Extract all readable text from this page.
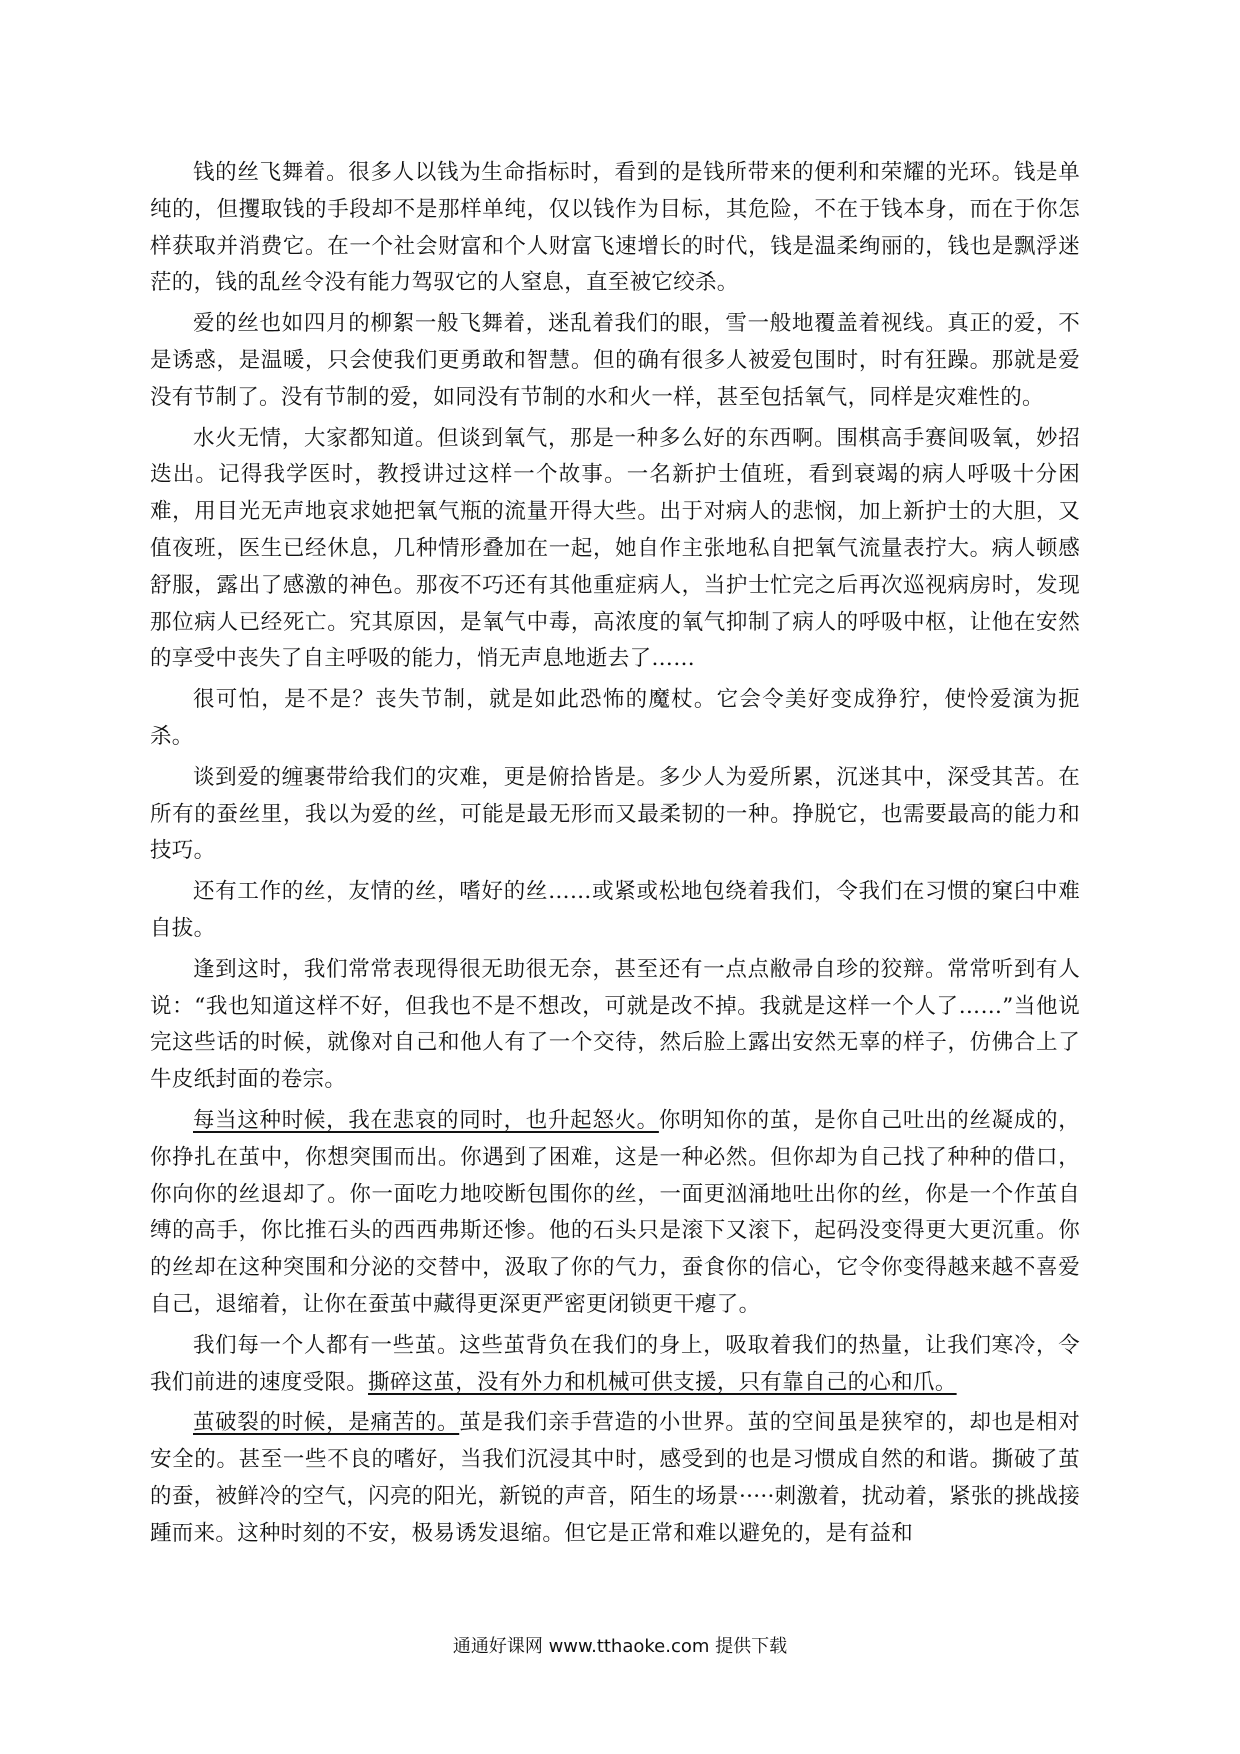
钱的丝飞舞着。很多人以钱为生命指标时，看到的是钱所带来的便利和荣耀的光环。钱是单纯的，但攫取钱的手段却不是那样单纯，仅以钱作为目标，其危险，不在于钱本身，而在于你怎样获取并消费它。在一个社会财富和个人财富飞速增长的时代，钱是温柔绚丽的，钱也是飘浮迷茫的，钱的乱丝令没有能力驾驭它的人窒息，直至被它绞杀。

爱的丝也如四月的柳絮一般飞舞着，迷乱着我们的眼，雪一般地覆盖着视线。真正的爱，不是诱惑，是温暖，只会使我们更勇敢和智慧。但的确有很多人被爱包围时，时有狂躁。那就是爱没有节制了。没有节制的爱，如同没有节制的水和火一样，甚至包括氧气，同样是灾难性的。

水火无情，大家都知道。但谈到氧气，那是一种多么好的东西啊。围棋高手赛间吸氧，妙招迭出。记得我学医时，教授讲过这样一个故事。一名新护士值班，看到衰竭的病人呼吸十分困难，用目光无声地哀求她把氧气瓶的流量开得大些。出于对病人的悲悯，加上新护士的大胆，又值夜班，医生已经休息，几种情形叠加在一起，她自作主张地私自把氧气流量表拧大。病人顿感舒服，露出了感激的神色。那夜不巧还有其他重症病人，当护士忙完之后再次巡视病房时，发现那位病人已经死亡。究其原因，是氧气中毒，高浓度的氧气抑制了病人的呼吸中枢，让他在安然的享受中丧失了自主呼吸的能力，悄无声息地逝去了……

很可怕，是不是？丧失节制，就是如此恐怖的魔杖。它会令美好变成狰狞，使怜爱演为扼杀。

谈到爱的缠裹带给我们的灾难，更是俯拾皆是。多少人为爱所累，沉迷其中，深受其苦。在所有的蚕丝里，我以为爱的丝，可能是最无形而又最柔韧的一种。挣脱它，也需要最高的能力和技巧。

还有工作的丝，友情的丝，嗜好的丝……或紧或松地包绕着我们，令我们在习惯的窠臼中难自拔。

逢到这时，我们常常表现得很无助很无奈，甚至还有一点点敝帚自珍的狡辩。常常听到有人说：“我也知道这样不好，但我也不是不想改，可就是改不掉。我就是这样一个人了……”当他说完这些话的时候，就像对自己和他人有了一个交待，然后脸上露出安然无辜的样子，仿佛合上了牛皮纸封面的卷宗。

每当这种时候，我在悲哀的同时，也升起怒火。你明知你的茧，是你自己吐出的丝凝成的，你挣扎在茧中，你想突围而出。你遇到了困难，这是一种必然。但你却为自己找了种种的借口，你向你的丝退却了。你一面吃力地咬断包围你的丝，一面更汹涌地吐出你的丝，你是一个作茧自缚的高手，你比推石头的西西弗斯还惨。他的石头只是滚下又滚下，起码没变得更大更沉重。你的丝却在这种突围和分泌的交替中，汲取了你的气力，蚕食你的信心，它令你变得越来越不喜爱自己，退缩着，让你在蚕茧中藏得更深更严密更闭锁更干瘪了。

我们每一个人都有一些茧。这些茧背负在我们的身上，吸取着我们的热量，让我们寒冷，令我们前进的速度受限。撕碎这茧，没有外力和机械可供支援，只有靠自己的心和爪。

茧破裂的时候，是痛苦的。茧是我们亲手营造的小世界。茧的空间虽是狭窄的，却也是相对安全的。甚至一些不良的嗜好，当我们沉浸其中时，感受到的也是习惯成自然的和谐。撕破了茧的蚕，被鲜冷的空气，闪亮的阳光，新锐的声音，陌生的场景·····刺激着，扰动着，紧张的挑战接踵而来。这种时刻的不安，极易诱发退缩。但它是正常和难以避免的，是有益和

通通好课网 www.tthaoke.com 提供下载
